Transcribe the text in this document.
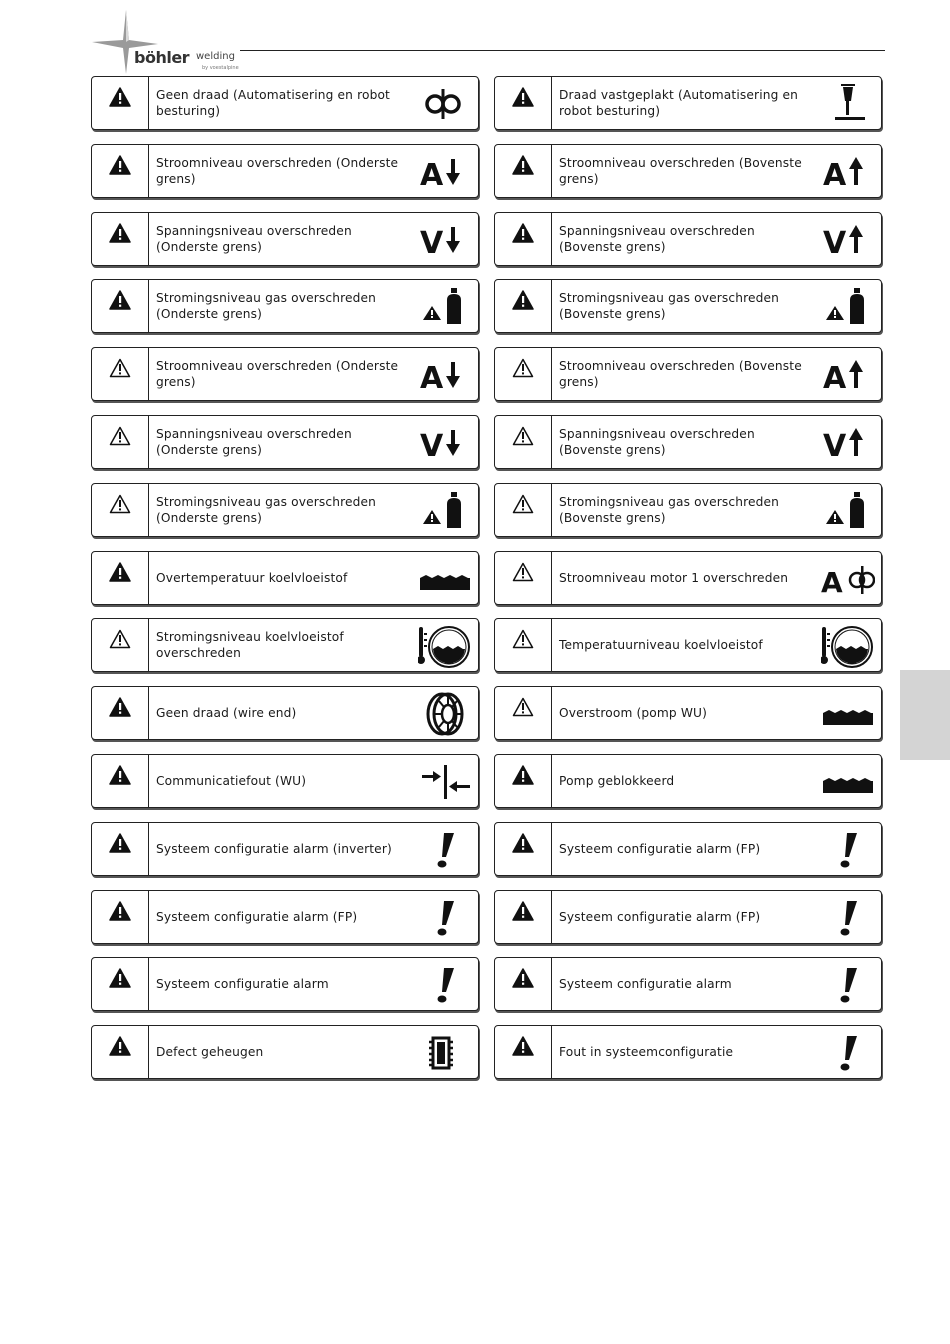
böhler welding
by voestalpine
Geen draad (Automatisering en robot besturing)
Draad vastgeplakt (Automatisering en robot besturing)
Stroomniveau overschreden (Onderste grens)	A	Stroomniveau overschreden (Bovenste grens)	A
Spanningsniveau overschreden (Onderste grens)	V	Spanningsniveau overschreden (Bovenste grens)	V
Stromingsniveau gas overschreden (Onderste grens)
Stromingsniveau gas overschreden (Bovenste grens)
Stroomniveau overschreden (Onderste grens)	A	Stroomniveau overschreden (Bovenste grens)	A
Spanningsniveau overschreden (Onderste grens)	V	Spanningsniveau overschreden (Bovenste grens)	V
Stromingsniveau gas overschreden (Onderste grens)
Stromingsniveau gas overschreden (Bovenste grens)
Overtemperatuur koelvloeistof	Stroomniveau motor 1 overschreden	A
Stromingsniveau koelvloeistof overschreden
Temperatuurniveau koelvloeistof
Geen draad (wire end)	Overstroom (pomp WU)
Communicatiefout (WU)	Pomp geblokkeerd
Systeem configuratie alarm (inverter)	Systeem configuratie alarm (FP)
Systeem configuratie alarm (FP)	Systeem configuratie alarm (FP)
Systeem configuratie alarm	Systeem configuratie alarm
Defect geheugen	Fout in systeemconfiguratie
